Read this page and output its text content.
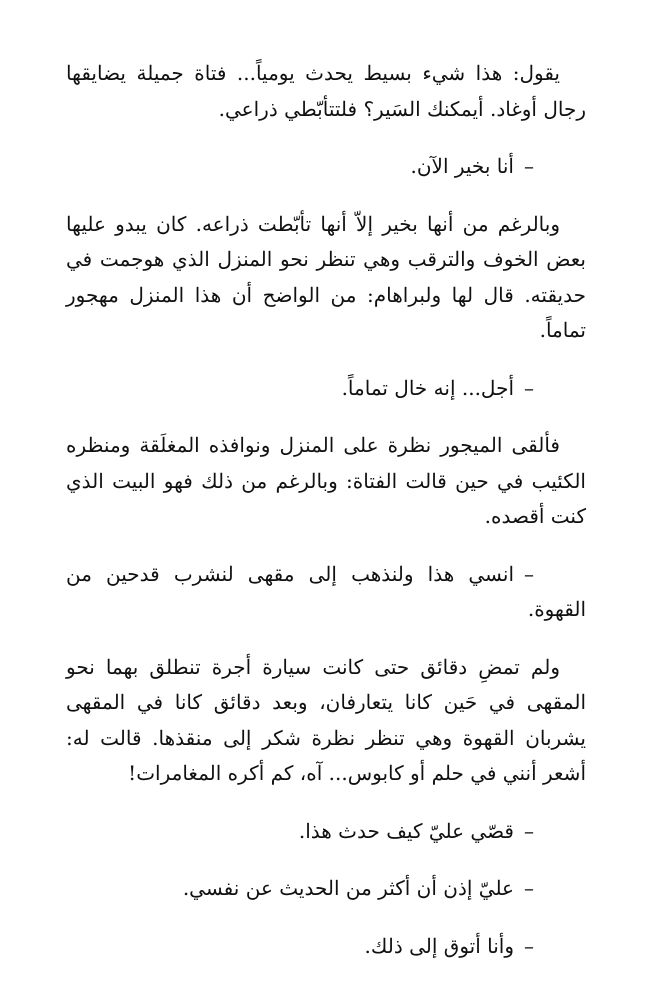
يقول: هذا شيء بسيط يحدث يومياً... فتاة جميلة يضايقها رجال أوغاد. أيمكنك السَير؟ فلتتأبّطي ذراعي.

–أنا بخير الآن.

وبالرغم من أنها بخير إلاّ أنها تأبّطت ذراعه. كان يبدو عليها بعض الخوف والترقب وهي تنظر نحو المنزل الذي هوجمت في حديقته. قال لها ولبراهام: من الواضح أن هذا المنزل مهجور تماماً.

–أجل... إنه خال تماماً.

فألقى الميجور نظرة على المنزل ونوافذه المغلَقة ومنظره الكئيب في حين قالت الفتاة: وبالرغم من ذلك فهو البيت الذي كنت أقصده.

–انسي هذا ولنذهب إلى مقهى لنشرب قدحين من القهوة.

ولم تمضِ دقائق حتى كانت سيارة أجرة تنطلق بهما نحو المقهى في حَين كانا يتعارفان، وبعد دقائق كانا في المقهى يشربان القهوة وهي تنظر نظرة شكر إلى منقذها. قالت له: أشعر أنني في حلم أو كابوس... آه، كم أكره المغامرات!

–قصّي عليّ كيف حدث هذا.

–عليّ إذن أن أكثر من الحديث عن نفسي.

–وأنا أتوق إلى ذلك.
